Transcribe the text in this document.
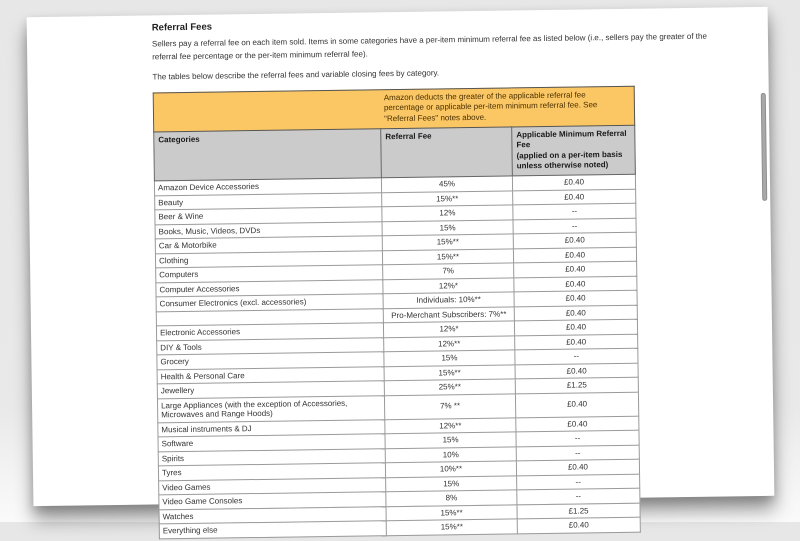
Referral Fees

Sellers pay a referral fee on each item sold. Items in some categories have a per-item minimum referral fee as listed below (i.e., sellers pay the greater of the referral fee percentage or the per-item minimum referral fee).

The tables below describe the referral fees and variable closing fees by category.

Amazon deducts the greater of the applicable referral fee percentage or applicable per-item minimum referral fee. See "Referral Fees" notes above.		
Categories	Referral Fee	Applicable Minimum Referral Fee
(applied on a per-item basis unless otherwise noted)

Amazon Device Accessories	45%	£0.40
Beauty	15%**	£0.40
Beer & Wine	12%	--
Books, Music, Videos, DVDs	15%	--
Car & Motorbike	15%**	£0.40
Clothing	15%**	£0.40
Computers	7%	£0.40
Computer Accessories	12%*	£0.40
Consumer Electronics (excl. accessories)	Individuals: 10%**	£0.40
	Pro-Merchant Subscribers: 7%**	£0.40
Electronic Accessories	12%*	£0.40
DIY & Tools	12%**	£0.40
Grocery	15%	--
Health & Personal Care	15%**	£0.40
Jewellery	25%**	£1.25
Large Appliances (with the exception of Accessories, Microwaves and Range Hoods)	7% **	£0.40
Musical instruments & DJ	12%**	£0.40
Software	15%	--
Spirits	10%	--
Tyres	10%**	£0.40
Video Games	15%	--
Video Game Consoles	8%	--
Watches	15%**	£1.25
Everything else	15%**	£0.40
